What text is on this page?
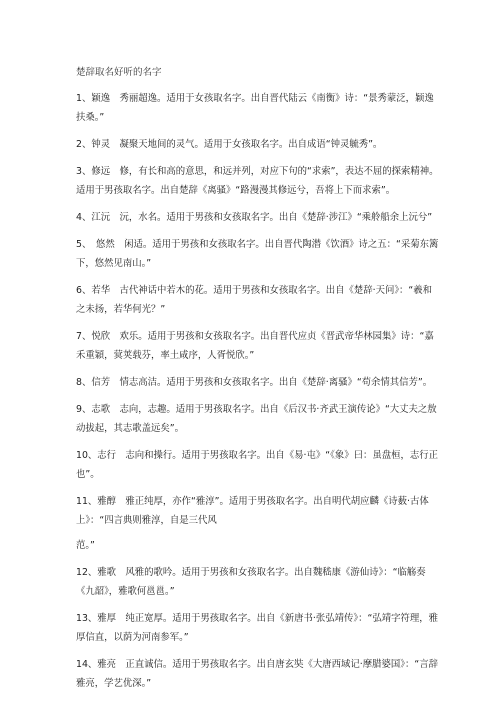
楚辞取名好听的名字
1、颖逸　秀丽超逸。适用于女孩取名字。出自晋代陆云《南衡》诗：“景秀蒙泛，颖逸扶桑。”
2、钟灵　凝聚天地间的灵气。适用于女孩取名字。出自成语“钟灵毓秀”。
3、修远　修，有长和高的意思，和远并列，对应下句的“求索”，表达不屈的探索精神。适用于男孩取名字。出自楚辞《离骚》“路漫漫其修远兮，吾将上下而求索”。
4、江沅　沅，水名。适用于男孩和女孩取名字。出自《楚辞·涉江》“乘舲船余上沅兮”
5、　悠然　闲适。适用于男孩和女孩取名字。出自晋代陶潜《饮酒》诗之五：“采菊东篱下，悠然见南山。”
6、若华　古代神话中若木的花。适用于男孩和女孩取名字。出自《楚辞·天问》：“羲和之未扬，若华何光？”
7、悦欣　欢乐。适用于男孩和女孩取名字。出自晋代应贞《晋武帝华林园集》诗：“嘉禾重穎，蓂荚载芬，率土咸序，人胥悦欣。”
8、信芳　情志高洁。适用于男孩和女孩取名字。出自《楚辞·离骚》“苟余情其信芳”。
9、志歌　志向，志趣。适用于男孩取名字。出自《后汉书·齐武王演传论》“大丈夫之敖动拔起，其志歌盖远矣”。
10、志行　志向和操行。适用于男孩取名字。出自《易·屯》“《象》曰：虽盘桓，志行正也”。
11、雅醇　雅正纯厚，亦作“雅淳”。适用于男孩取名字。出自明代胡应麟《诗薮·古体上》：“四言典则雅淳，自是三代风
范。”
12、雅歌　风雅的歌吟。适用于男孩和女孩取名字。出自魏嵇康《游仙诗》：“临觞奏《九韶》，雅歌何邕邕。”
13、雅厚　纯正宽厚。适用于男孩取名字。出自《新唐书·张弘靖传》：“弘靖字符理，雅厚信直，以荫为河南参军。”
14、雅亮　正直诚信。适用于男孩取名字。出自唐玄奘《大唐西域记·摩腊婆国》：“言辞雅亮，学艺优深。”
